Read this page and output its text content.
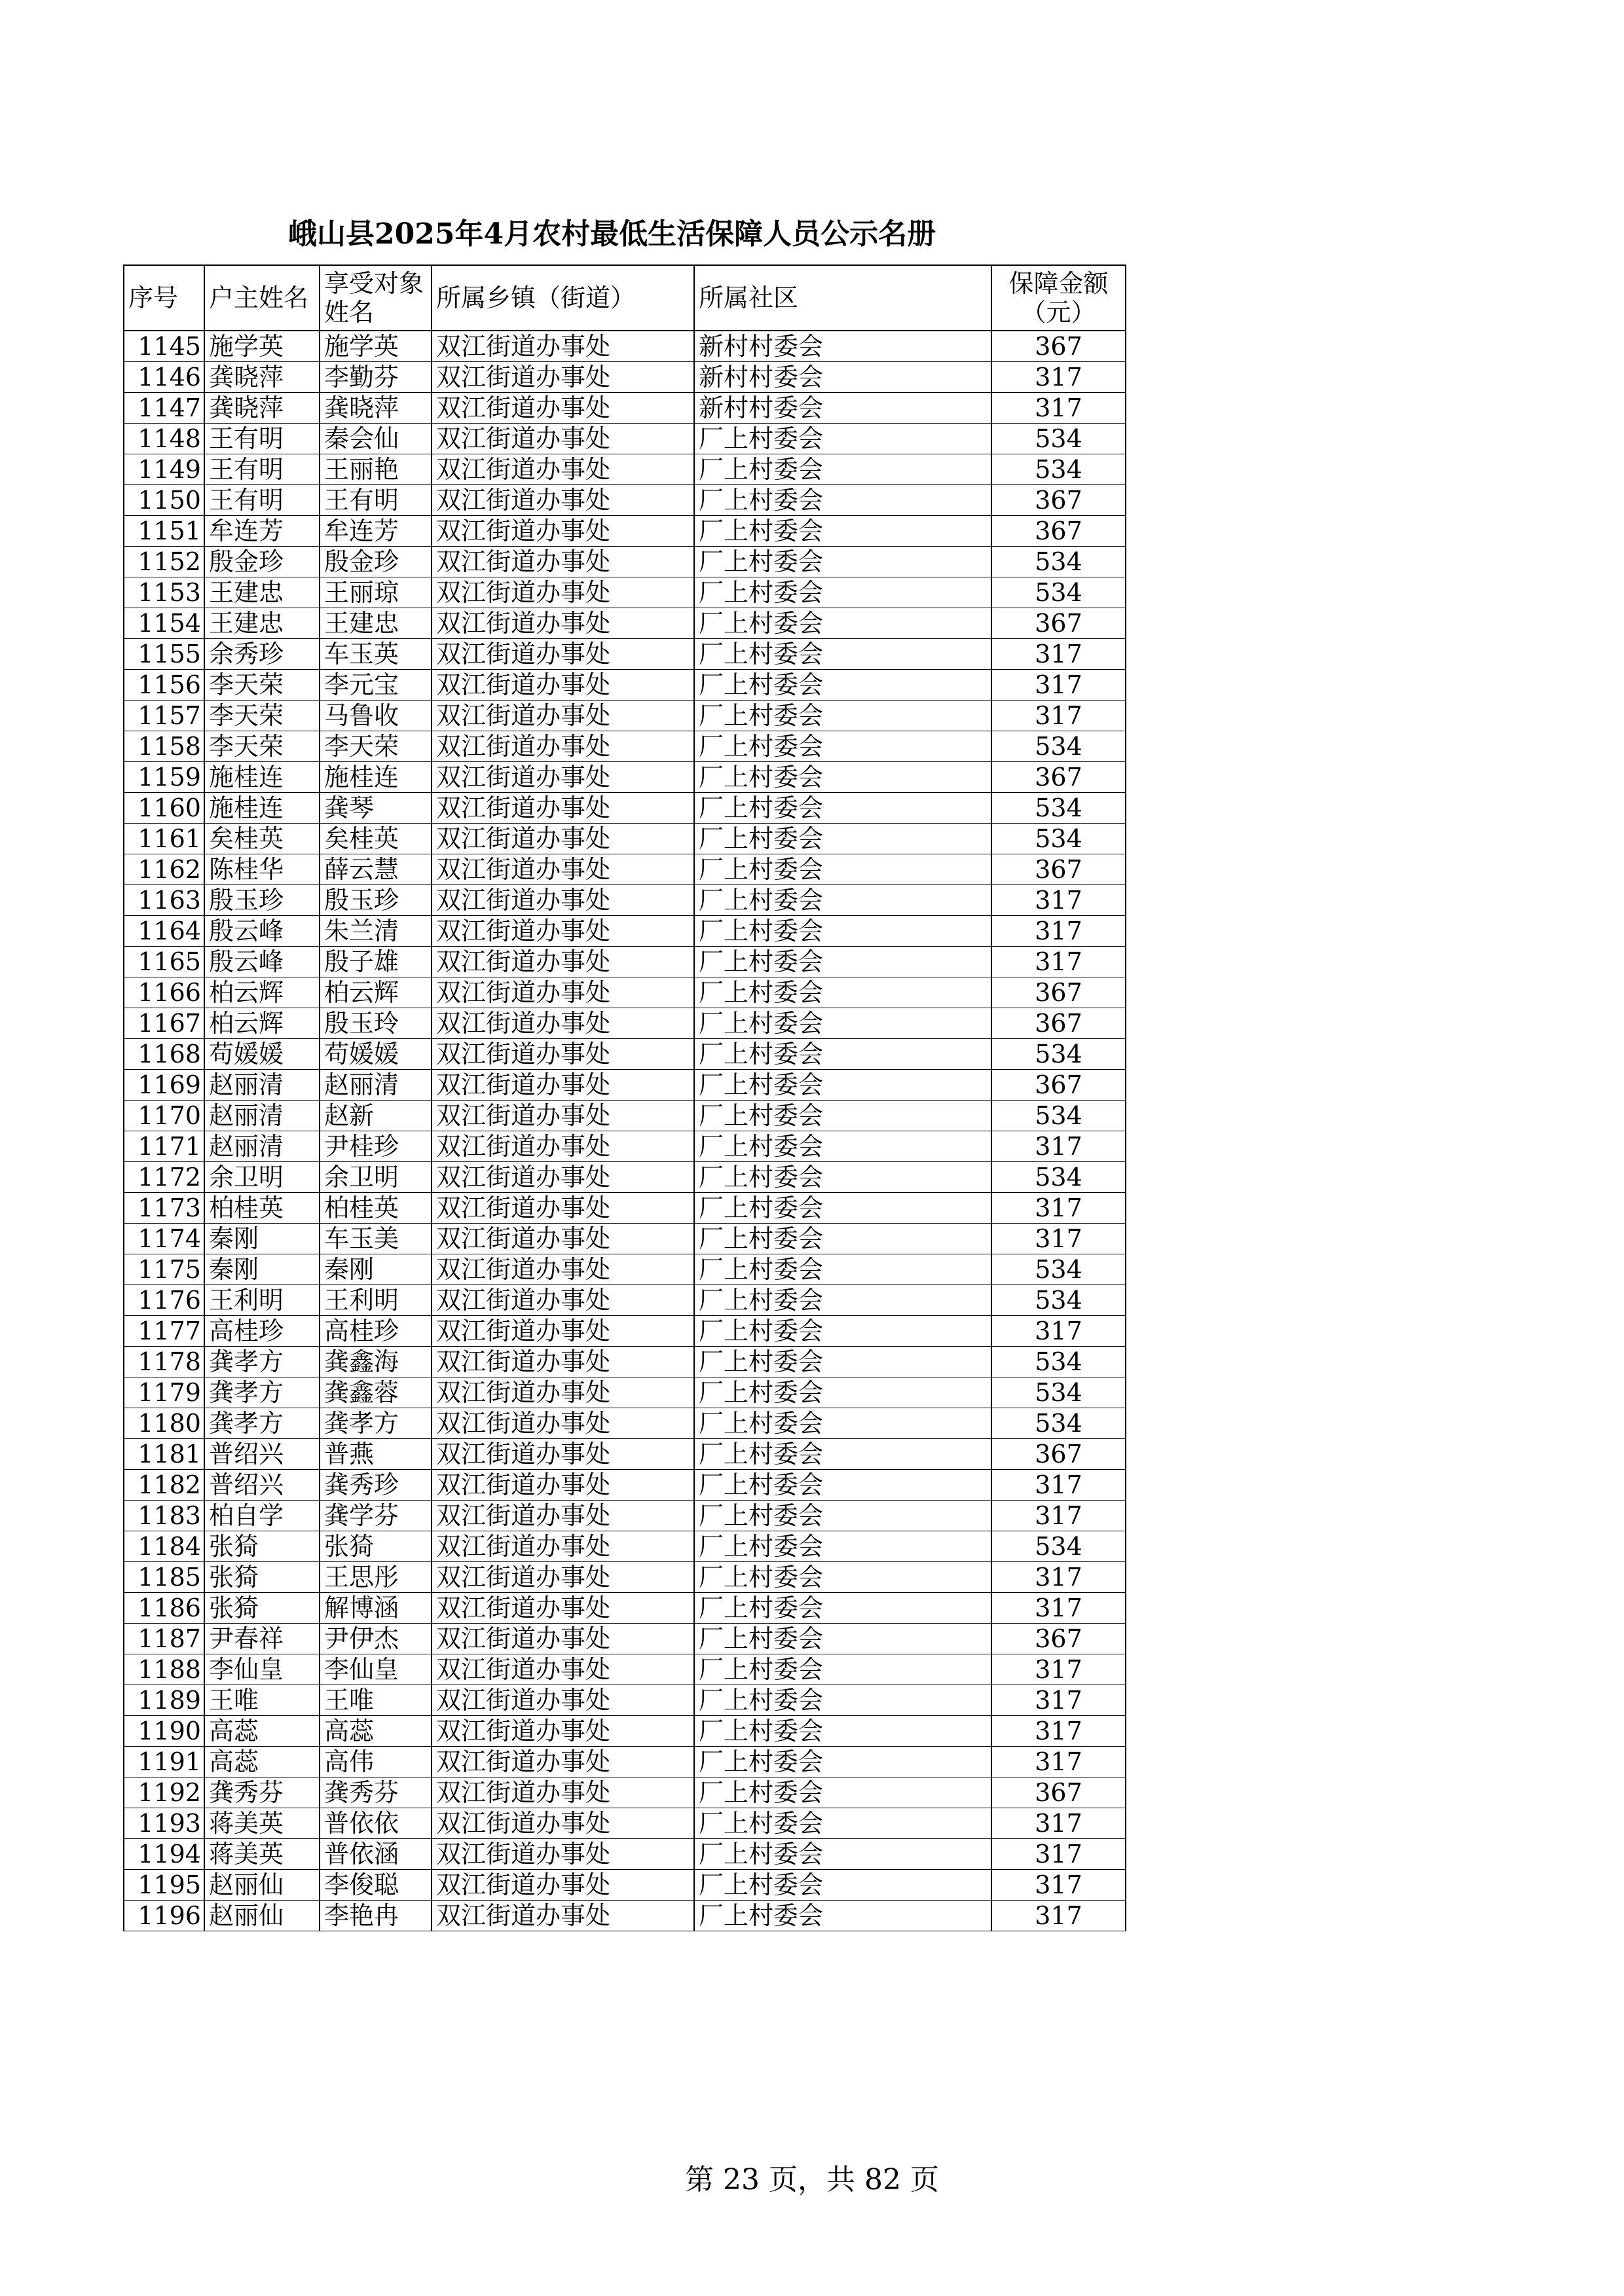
峨山县2025年4月农村最低生活保障人员公示名册
序号	户主姓名	享受对象姓名	所属乡镇（街道）	所属社区	保障金额（元）
1145	施学英	施学英	双江街道办事处	新村村委会	367
1146	龚晓萍	李勤芬	双江街道办事处	新村村委会	317
1147	龚晓萍	龚晓萍	双江街道办事处	新村村委会	317
1148	王有明	秦会仙	双江街道办事处	厂上村委会	534
1149	王有明	王丽艳	双江街道办事处	厂上村委会	534
1150	王有明	王有明	双江街道办事处	厂上村委会	367
1151	牟连芳	牟连芳	双江街道办事处	厂上村委会	367
1152	殷金珍	殷金珍	双江街道办事处	厂上村委会	534
1153	王建忠	王丽琼	双江街道办事处	厂上村委会	534
1154	王建忠	王建忠	双江街道办事处	厂上村委会	367
1155	余秀珍	车玉英	双江街道办事处	厂上村委会	317
1156	李天荣	李元宝	双江街道办事处	厂上村委会	317
1157	李天荣	马鲁收	双江街道办事处	厂上村委会	317
1158	李天荣	李天荣	双江街道办事处	厂上村委会	534
1159	施桂连	施桂连	双江街道办事处	厂上村委会	367
1160	施桂连	龚琴	双江街道办事处	厂上村委会	534
1161	矣桂英	矣桂英	双江街道办事处	厂上村委会	534
1162	陈桂华	薛云慧	双江街道办事处	厂上村委会	367
1163	殷玉珍	殷玉珍	双江街道办事处	厂上村委会	317
1164	殷云峰	朱兰清	双江街道办事处	厂上村委会	317
1165	殷云峰	殷子雄	双江街道办事处	厂上村委会	317
1166	柏云辉	柏云辉	双江街道办事处	厂上村委会	367
1167	柏云辉	殷玉玲	双江街道办事处	厂上村委会	367
1168	苟媛媛	苟媛媛	双江街道办事处	厂上村委会	534
1169	赵丽清	赵丽清	双江街道办事处	厂上村委会	367
1170	赵丽清	赵新	双江街道办事处	厂上村委会	534
1171	赵丽清	尹桂珍	双江街道办事处	厂上村委会	317
1172	余卫明	余卫明	双江街道办事处	厂上村委会	534
1173	柏桂英	柏桂英	双江街道办事处	厂上村委会	317
1174	秦刚	车玉美	双江街道办事处	厂上村委会	317
1175	秦刚	秦刚	双江街道办事处	厂上村委会	534
1176	王利明	王利明	双江街道办事处	厂上村委会	534
1177	高桂珍	高桂珍	双江街道办事处	厂上村委会	317
1178	龚孝方	龚鑫海	双江街道办事处	厂上村委会	534
1179	龚孝方	龚鑫蓉	双江街道办事处	厂上村委会	534
1180	龚孝方	龚孝方	双江街道办事处	厂上村委会	534
1181	普绍兴	普燕	双江街道办事处	厂上村委会	367
1182	普绍兴	龚秀珍	双江街道办事处	厂上村委会	317
1183	柏自学	龚学芬	双江街道办事处	厂上村委会	317
1184	张猗	张猗	双江街道办事处	厂上村委会	534
1185	张猗	王思彤	双江街道办事处	厂上村委会	317
1186	张猗	解博涵	双江街道办事处	厂上村委会	317
1187	尹春祥	尹伊杰	双江街道办事处	厂上村委会	367
1188	李仙皇	李仙皇	双江街道办事处	厂上村委会	317
1189	王唯	王唯	双江街道办事处	厂上村委会	317
1190	高蕊	高蕊	双江街道办事处	厂上村委会	317
1191	高蕊	高伟	双江街道办事处	厂上村委会	317
1192	龚秀芬	龚秀芬	双江街道办事处	厂上村委会	367
1193	蒋美英	普依依	双江街道办事处	厂上村委会	317
1194	蒋美英	普依涵	双江街道办事处	厂上村委会	317
1195	赵丽仙	李俊聪	双江街道办事处	厂上村委会	317
1196	赵丽仙	李艳冉	双江街道办事处	厂上村委会	317
第 23 页，共 82 页
